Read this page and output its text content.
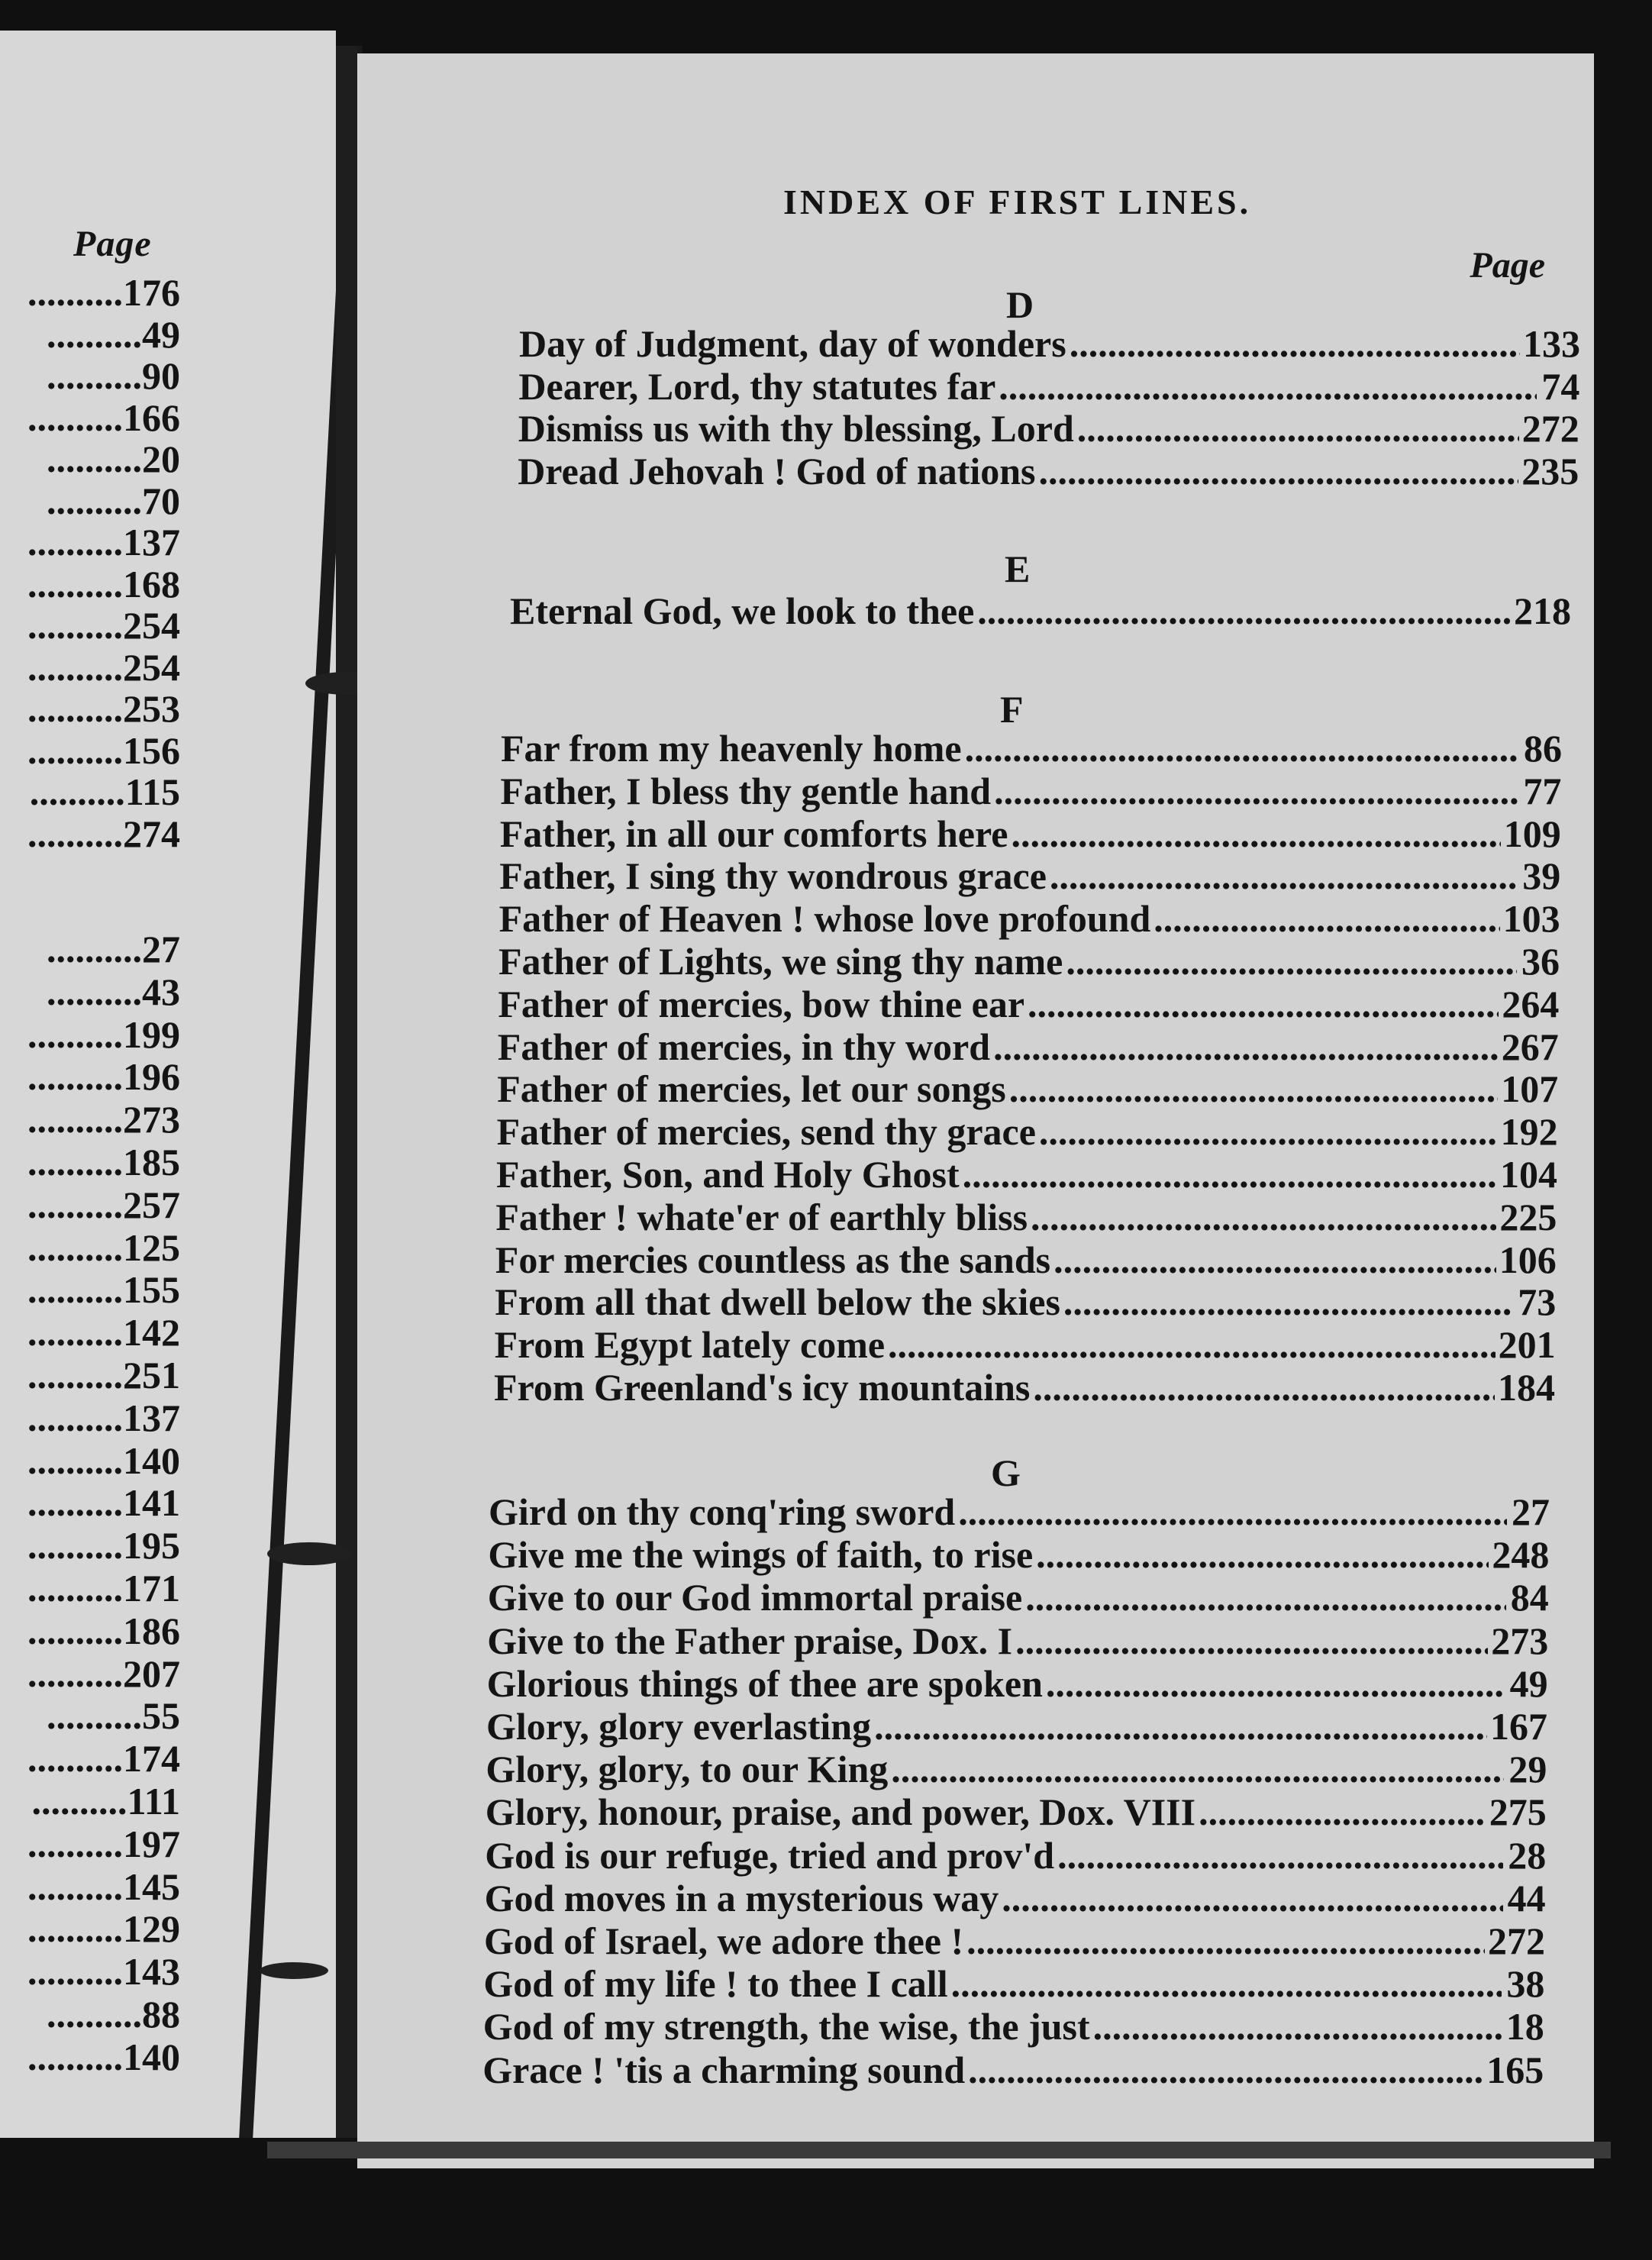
Page
..........176
..........49
..........90
..........166
..........20
..........70
..........137
..........168
..........254
..........254
..........253
..........156
..........115
..........274
..........27
..........43
..........199
..........196
..........273
..........185
..........257
..........125
..........155
..........142
..........251
..........137
..........140
..........141
..........195
..........171
..........186
..........207
..........55
..........174
..........111
..........197
..........145
..........129
..........143
..........88
..........140
INDEX OF FIRST LINES.
Page
D
Day of Judgment, day of wonders .....	133
Dearer, Lord, thy statutes far .....	74
Dismiss us with thy blessing, Lord .....	272
Dread Jehovah ! God of nations .....	235
E
Eternal God, we look to thee .....	218
F
Far from my heavenly home .....	86
Father, I bless thy gentle hand .....	77
Father, in all our comforts here .....	109
Father, I sing thy wondrous grace .....	39
Father of Heaven ! whose love profound .....	103
Father of Lights, we sing thy name .....	36
Father of mercies, bow thine ear .....	264
Father of mercies, in thy word .....	267
Father of mercies, let our songs .....	107
Father of mercies, send thy grace .....	192
Father, Son, and Holy Ghost .....	104
Father ! whate'er of earthly bliss .....	225
For mercies countless as the sands .....	106
From all that dwell below the skies .....	73
From Egypt lately come .....	201
From Greenland's icy mountains .....	184
G
Gird on thy conq'ring sword .....	27
Give me the wings of faith, to rise .....	248
Give to our God immortal praise .....	84
Give to the Father praise, Dox. I .....	273
Glorious things of thee are spoken .....	49
Glory, glory everlasting .....	167
Glory, glory, to our King .....	29
Glory, honour, praise, and power, Dox. VIII .....	275
God is our refuge, tried and prov'd .....	28
God moves in a mysterious way .....	44
God of Israel, we adore thee ! .....	272
God of my life ! to thee I call .....	38
God of my strength, the wise, the just .....	18
Grace ! 'tis a charming sound .....	165
